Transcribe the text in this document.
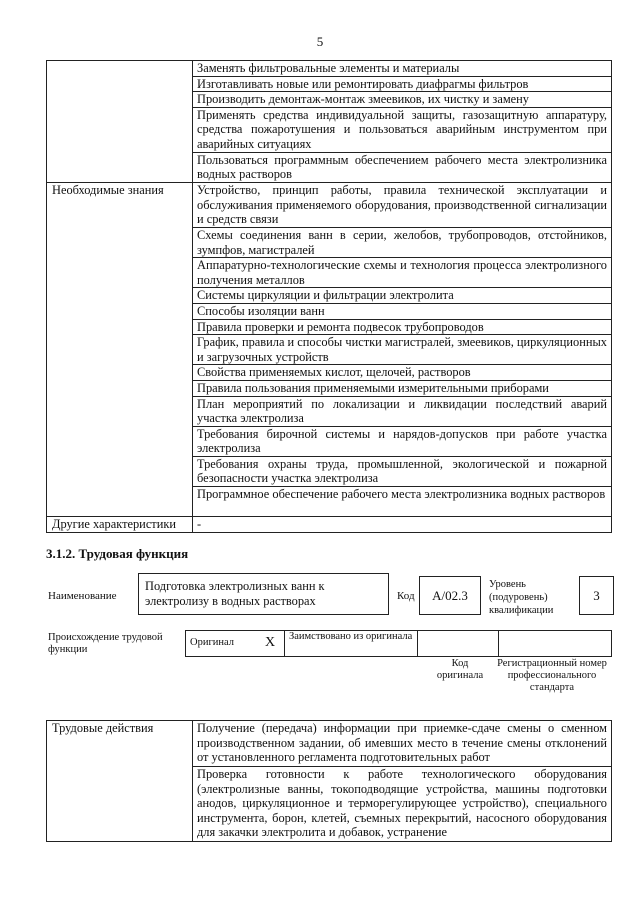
5
	Заменять фильтровальные элементы и материалы
	Изготавливать новые или ремонтировать диафрагмы фильтров
	Производить демонтаж-монтаж змеевиков, их чистку и замену
	Применять средства индивидуальной защиты, газозащитную аппаратуру, средства пожаротушения и пользоваться аварийным инструментом при аварийных ситуациях
	Пользоваться программным обеспечением рабочего места электролизника водных растворов
Необходимые знания	Устройство, принцип работы, правила технической эксплуатации и обслуживания применяемого оборудования, производственной сигнализации и средств связи
	Схемы соединения ванн в серии, желобов, трубопроводов, отстойников, зумпфов, магистралей
	Аппаратурно-технологические схемы и технология процесса электролизного получения металлов
	Системы циркуляции и фильтрации электролита
	Способы изоляции ванн
	Правила проверки и ремонта подвесок трубопроводов
	График, правила и способы чистки магистралей, змеевиков, циркуляционных и загрузочных устройств
	Свойства применяемых кислот, щелочей, растворов
	Правила пользования применяемыми измерительными приборами
	План мероприятий по локализации и ликвидации последствий аварий участка электролиза
	Требования бирочной системы и нарядов-допусков при работе участка электролиза
	Требования охраны труда, промышленной, экологической и пожарной безопасности участка электролиза
	Программное обеспечение рабочего места электролизника водных растворов
Другие характеристики	-
3.1.2. Трудовая функция
Наименование
Подготовка электролизных ванн к электролизу в водных растворах	Код	А/02.3
Уровень (подуровень) квалификации
3
Происхождение трудовой функции
Оригинал	X	Заимствовано из оригинала		
Код оригинала
Регистрационный номер профессионального стандарта
Трудовые действия	Получение (передача) информации при приемке-сдаче смены о сменном производственном задании, об имевших место в течение смены отклонений от установленного регламента подготовительных работ
Проверка готовности к работе технологического оборудования (электролизные ванны, токоподводящие устройства, машины подготовки анодов, циркуляционное и терморегулирующее устройство), специального инструмента, борон, клетей, съемных перекрытий, насосного оборудования для закачки электролита и добавок, устранение
